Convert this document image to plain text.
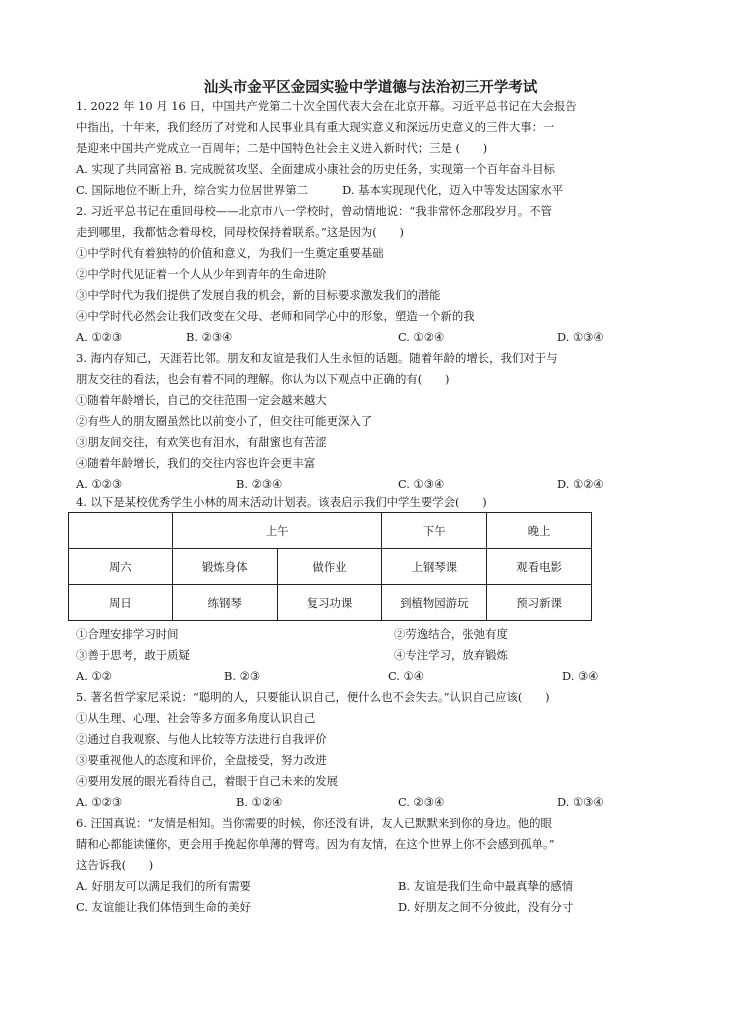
汕头市金平区金园实验中学道德与法治初三开学考试
1. 2022 年 10 月 16 日，中国共产党第二十次全国代表大会在北京开幕。习近平总书记在大会报告
中指出，十年来，我们经历了对党和人民事业具有重大现实意义和深远历史意义的三件大事：一
是迎来中国共产党成立一百周年；二是中国特色社会主义进入新时代；三是 (　　)
A. 实现了共同富裕 B. 完成脱贫攻坚、全面建成小康社会的历史任务，实现第一个百年奋斗目标
C. 国际地位不断上升，综合实力位居世界第二　　　D. 基本实现现代化，迈入中等发达国家水平
2. 习近平总书记在重回母校——北京市八一学校时，曾动情地说：“我非常怀念那段岁月。不管
走到哪里，我都惦念着母校，同母校保持着联系。”这是因为(　　)
①中学时代有着独特的价值和意义，为我们一生奠定重要基础
②中学时代见证着一个人从少年到青年的生命进阶
③中学时代为我们提供了发展自我的机会，新的目标要求激发我们的潜能
④中学时代必然会让我们改变在父母、老师和同学心中的形象，塑造一个新的我
A. ①②③	B. ②③④	C. ①②④	D. ①③④
3. 海内存知己，天涯若比邻。朋友和友谊是我们人生永恒的话题。随着年龄的增长，我们对于与
朋友交往的看法，也会有着不同的理解。你认为以下观点中正确的有(　　)
①随着年龄增长，自己的交往范围一定会越来越大
②有些人的朋友圈虽然比以前变小了，但交往可能更深入了
③朋友间交往，有欢笑也有泪水，有甜蜜也有苦涩
④随着年龄增长，我们的交往内容也许会更丰富
A. ①②③	B. ②③④	C. ①③④	D. ①②④
4. 以下是某校优秀学生小林的周末活动计划表。该表启示我们中学生要学会(　　)
	上午		下午	晚上
周六	锻炼身体	做作业	上钢琴课	观看电影
周日	练钢琴	复习功课	到植物园游玩	预习新课
①合理安排学习时间	②劳逸结合，张弛有度
③善于思考，敢于质疑	④专注学习，放弃锻炼
A. ①②	B. ②③	C. ①④	D. ③④
5. 著名哲学家尼采说：“聪明的人，只要能认识自己，便什么也不会失去。”认识自己应该(　　)
①从生理、心理、社会等多方面多角度认识自己
②通过自我观察、与他人比较等方法进行自我评价
③要重视他人的态度和评价，全盘接受，努力改进
④要用发展的眼光看待自己，着眼于自己未来的发展
A. ①②③	B. ①②④	C. ②③④	D. ①③④
6. 汪国真说：“友情是相知。当你需要的时候，你还没有讲，友人已默默来到你的身边。他的眼
睛和心都能读懂你，更会用手挽起你单薄的臂弯。因为有友情，在这个世界上你不会感到孤单。”
这告诉我(　　)
A. 好朋友可以满足我们的所有需要	B. 友谊是我们生命中最真挚的感情
C. 友谊能让我们体悟到生命的美好	D. 好朋友之间不分彼此，没有分寸
